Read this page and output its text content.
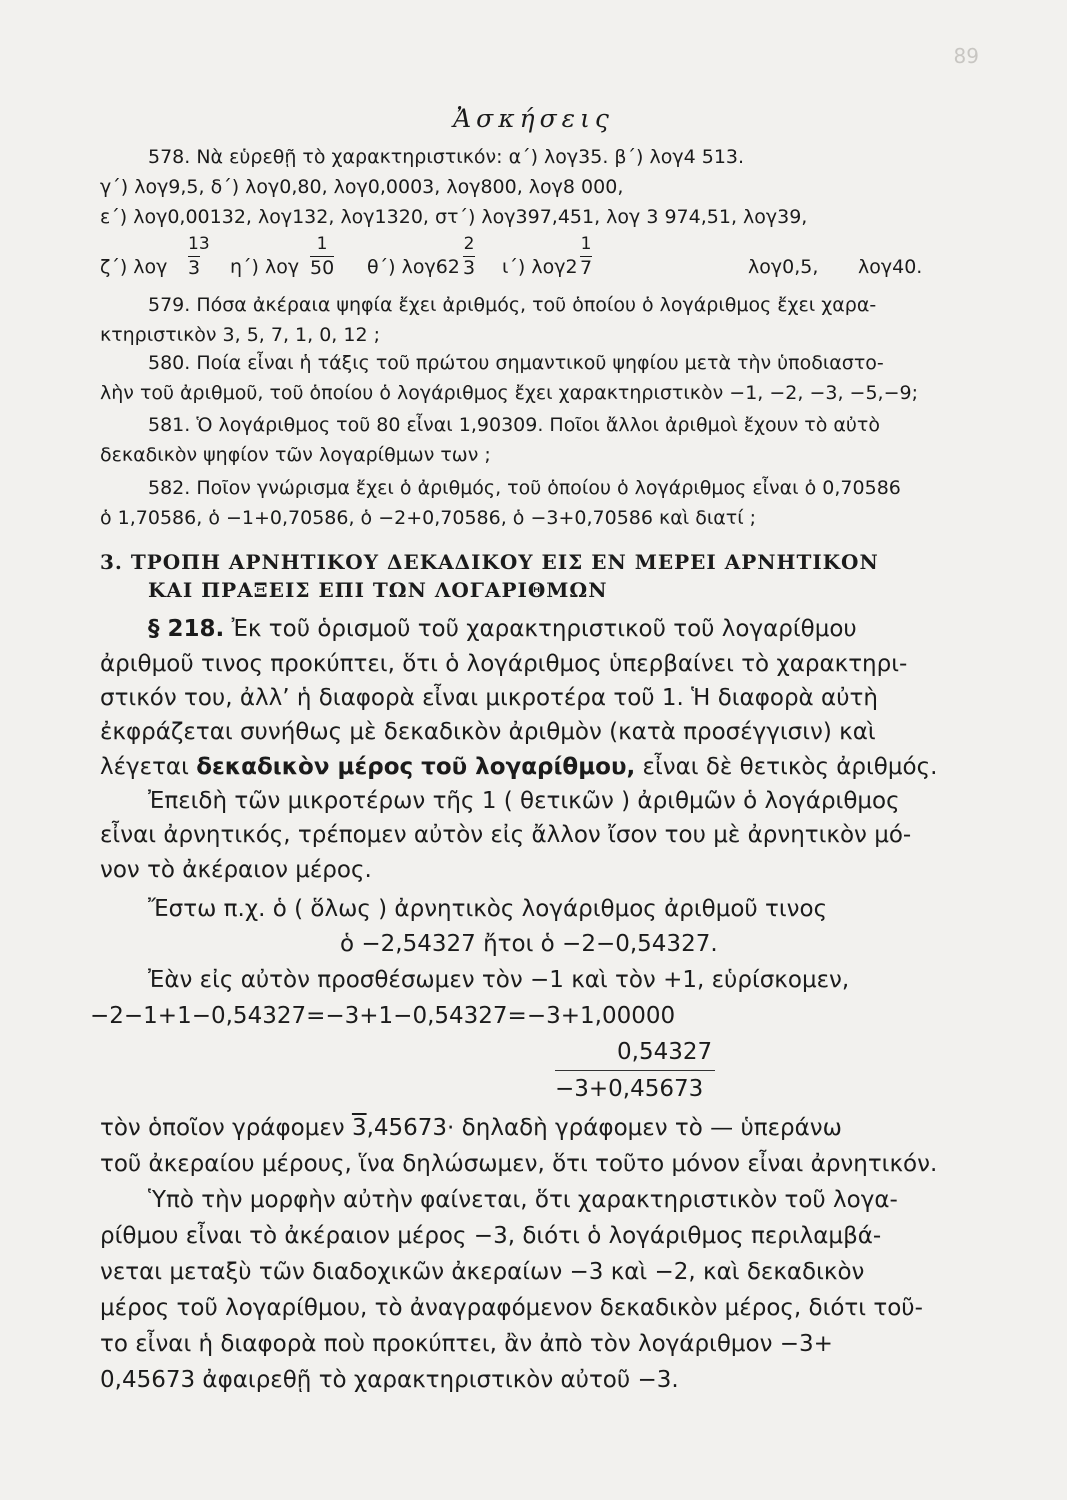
89
Ἀσκήσεις
578. Νὰ εὑρεθῇ τὸ χαρακτηριστικόν: α΄) λογ35. β΄) λογ4 513.
γ΄) λογ9,5, δ΄) λογ0,80, λογ0,0003, λογ800, λογ8 000,
ε΄) λογ0,00132, λογ132, λογ1320, στ΄) λογ397,451, λογ 3 974,51, λογ39,
ζ΄) λογ $\frac{13}{3} \eta΄$) λογ $\frac{1}{50} \theta΄$) $\lambda o\gamma 62 \frac{2}{3} \iota΄$) $\lambda o\gamma 2 \frac{1}{7}$	λογ0,5, λογ40.
579. Πόσα ἀκέραια ψηφία ἔχει ἀριθμός, τοῦ ὁποίου ὁ λογάριθμος ἔχει χαρα-
κτηριστικὸν 3, 5, 7, 1, 0, 12 ;
580. Ποία εἶναι ἡ τάξις τοῦ πρώτου σημαντικοῦ ψηφίου μετὰ τὴν ὑποδιαστο-
λὴν τοῦ ἀριθμοῦ, τοῦ ὁποίου ὁ λογάριθμος ἔχει χαρακτηριστικὸν −1, −2, −3, −5,−9;
581. Ὁ λογάριθμος τοῦ 80 εἶναι 1,90309. Ποῖοι ἄλλοι ἀριθμοὶ ἔχουν τὸ αὐτὸ
δεκαδικὸν ψηφίον τῶν λογαρίθμων των ;
582. Ποῖον γνώρισμα ἔχει ὁ ἀριθμός, τοῦ ὁποίου ὁ λογάριθμος εἶναι ὁ 0,70586
ὁ 1,70586, ὁ −1+0,70586, ὁ −2+0,70586, ὁ −3+0,70586 καὶ διατί ;
3. ΤΡΟΠΗ ΑΡΝΗΤΙΚΟΥ ΔΕΚΑΔΙΚΟΥ ΕΙΣ ΕΝ ΜΕΡΕΙ ΑΡΝΗΤΙΚΟΝ
ΚΑΙ ΠΡΑΞΕΙΣ ΕΠΙ ΤΩΝ ΛΟΓΑΡΙΘΜΩΝ
§ 218. Ἐκ τοῦ ὁρισμοῦ τοῦ χαρακτηριστικοῦ τοῦ λογαρίθμου
ἀριθμοῦ τινος προκύπτει, ὅτι ὁ λογάριθμος ὑπερβαίνει τὸ χαρακτηρι-
στικόν του, ἀλλ’ ἡ διαφορὰ εἶναι μικροτέρα τοῦ 1. Ἡ διαφορὰ αὐτὴ
ἐκφράζεται συνήθως μὲ δεκαδικὸν ἀριθμὸν (κατὰ προσέγγισιν) καὶ
λέγεται δεκαδικὸν μέρος τοῦ λογαρίθμου, εἶναι δὲ θετικὸς ἀριθμός.
Ἐπειδὴ τῶν μικροτέρων τῆς 1 ( θετικῶν ) ἀριθμῶν ὁ λογάριθμος
εἶναι ἀρνητικός, τρέπομεν αὐτὸν εἰς ἄλλον ἴσον του μὲ ἀρνητικὸν μό-
νον τὸ ἀκέραιον μέρος.
Ἔστω π.χ. ὁ ( ὅλως ) ἀρνητικὸς λογάριθμος ἀριθμοῦ τινος
ὁ −2,54327 ἤτοι ὁ −2−0,54327.
Ἐὰν εἰς αὐτὸν προσθέσωμεν τὸν −1 καὶ τὸν +1, εὑρίσκομεν,
−2−1+1−0,54327=−3+1−0,54327=−3+1,00000
0,54327
−3+0,45673
τὸν ὁποῖον γράφομεν 3,45673· δηλαδὴ γράφομεν τὸ — ὑπεράνω
τοῦ ἀκεραίου μέρους, ἵνα δηλώσωμεν, ὅτι τοῦτο μόνον εἶναι ἀρνητικόν.
Ὑπὸ τὴν μορφὴν αὐτὴν φαίνεται, ὅτι χαρακτηριστικὸν τοῦ λογα-
ρίθμου εἶναι τὸ ἀκέραιον μέρος −3, διότι ὁ λογάριθμος περιλαμβά-
νεται μεταξὺ τῶν διαδοχικῶν ἀκεραίων −3 καὶ −2, καὶ δεκαδικὸν
μέρος τοῦ λογαρίθμου, τὸ ἀναγραφόμενον δεκαδικὸν μέρος, διότι τοῦ-
το εἶναι ἡ διαφορὰ ποὺ προκύπτει, ἂν ἀπὸ τὸν λογάριθμον −3+
0,45673 ἀφαιρεθῇ τὸ χαρακτηριστικὸν αὐτοῦ −3.
